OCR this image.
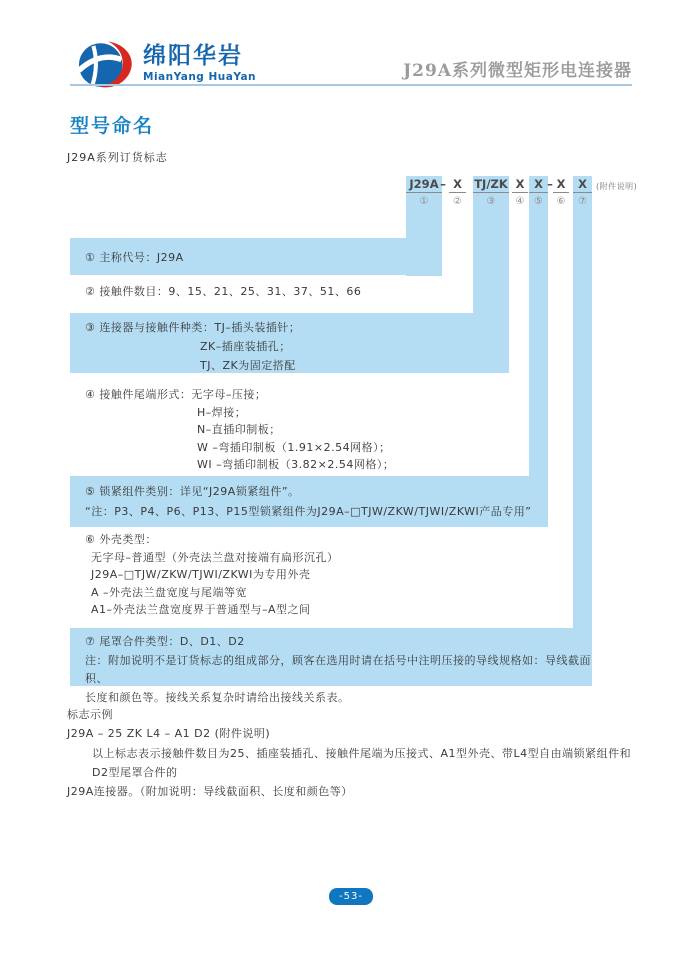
绵阳华岩
MianYang HuaYan	J29A系列微型矩形电连接器
型号命名
J29A系列订货标志
J29A
①
– X
②
TJ/ZK
③
X
④
X
⑤
– X
⑥
X
⑦
(附件说明)
① 主称代号：J29A
② 接触件数目：9、15、21、25、31、37、51、66
③ 连接器与接触件种类：TJ–插头装插针；
ZK–插座装插孔；
TJ、ZK为固定搭配
④ 接触件尾端形式：无字母–压接；
H–焊接；
N–直插印制板；
W –弯插印制板（1.91×2.54网格）；
WI –弯插印制板（3.82×2.54网格）；
⑤ 锁紧组件类别：详见“J29A锁紧组件”。
“注：P3、P4、P6、P13、P15型锁紧组件为J29A–□TJW/ZKW/TJWI/ZKWI产品专用”
⑥ 外壳类型：
无字母–普通型（外壳法兰盘对接端有扁形沉孔）
J29A–□TJW/ZKW/TJWI/ZKWI为专用外壳
A –外壳法兰盘宽度与尾端等宽
A1–外壳法兰盘宽度界于普通型与–A型之间
⑦ 尾罩合件类型：D、D1、D2
注：附加说明不是订货标志的组成部分，顾客在选用时请在括号中注明压接的导线规格如：导线截面积、
长度和颜色等。接线关系复杂时请给出接线关系表。
标志示例
J29A – 25 ZK L4 – A1 D2 (附件说明)
以上标志表示接触件数目为25、插座装插孔、接触件尾端为压接式、A1型外壳、带L4型自由端锁紧组件和D2型尾罩合件的
J29A连接器。（附加说明：导线截面积、长度和颜色等）
-53-
